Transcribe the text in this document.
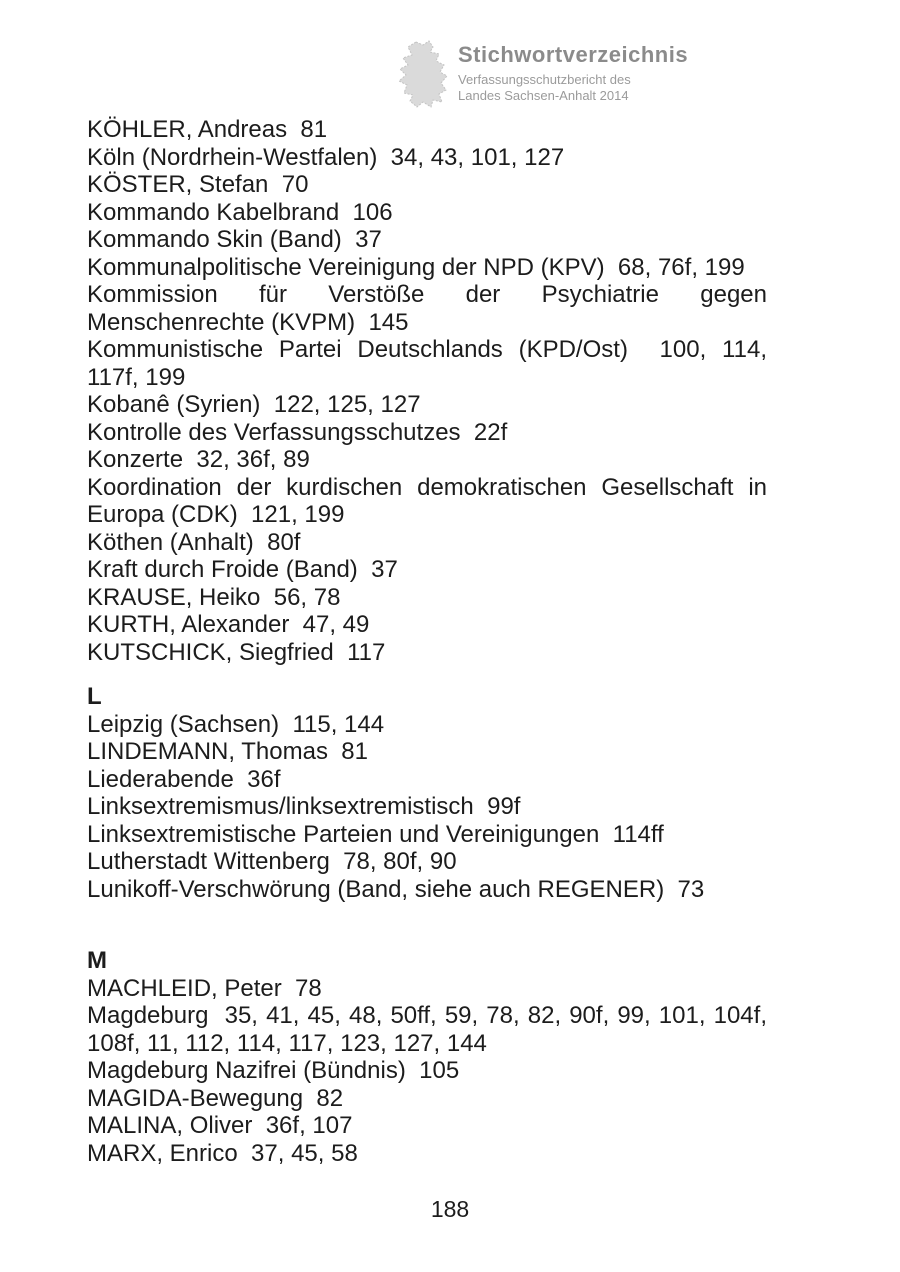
Stichwortverzeichnis
Verfassungsschutzbericht des
Landes Sachsen-Anhalt 2014
KÖHLER, Andreas  81
Köln (Nordrhein-Westfalen)  34, 43, 101, 127
KÖSTER, Stefan  70
Kommando Kabelbrand  106
Kommando Skin (Band)  37
Kommunalpolitische Vereinigung der NPD (KPV)  68, 76f, 199
Kommission für Verstöße der Psychiatrie gegen Menschenrechte (KVPM)  145
Kommunistische Partei Deutschlands (KPD/Ost)  100, 114, 117f, 199
Kobanê (Syrien)  122, 125, 127
Kontrolle des Verfassungsschutzes  22f
Konzerte  32, 36f, 89
Koordination der kurdischen demokratischen Gesellschaft in Europa (CDK)  121, 199
Köthen (Anhalt)  80f
Kraft durch Froide (Band)  37
KRAUSE, Heiko  56, 78
KURTH, Alexander  47, 49
KUTSCHICK, Siegfried  117
L
Leipzig (Sachsen)  115, 144
LINDEMANN, Thomas  81
Liederabende  36f
Linksextremismus/linksextremistisch  99f
Linksextremistische Parteien und Vereinigungen  114ff
Lutherstadt Wittenberg  78, 80f, 90
Lunikoff-Verschwörung (Band, siehe auch REGENER)  73
M
MACHLEID, Peter  78
Magdeburg  35, 41, 45, 48, 50ff, 59, 78, 82, 90f, 99, 101, 104f, 108f, 11, 112, 114, 117, 123, 127, 144
Magdeburg Nazifrei (Bündnis)  105
MAGIDA-Bewegung  82
MALINA, Oliver  36f, 107
MARX, Enrico  37, 45, 58
188
